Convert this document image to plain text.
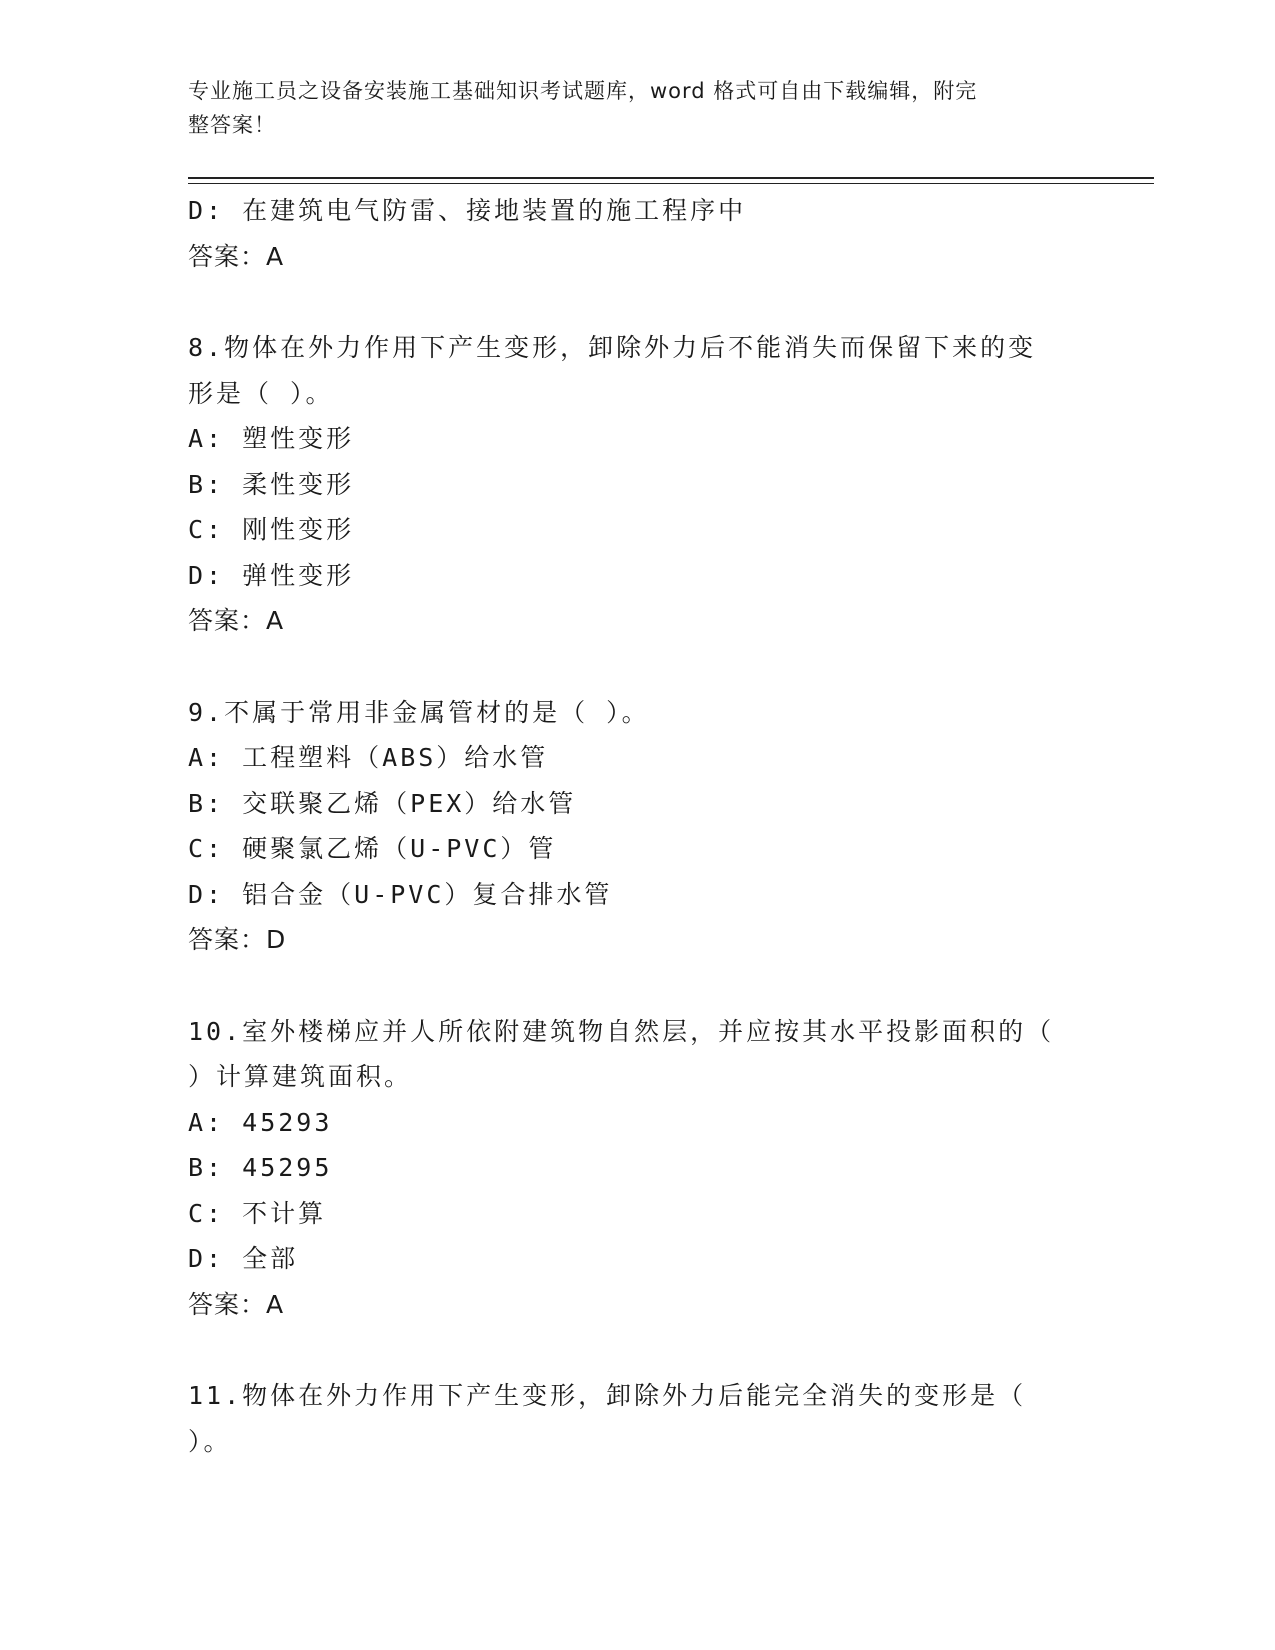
专业施工员之设备安装施工基础知识考试题库，word 格式可自由下载编辑，附完
整答案！
D: 在建筑电气防雷、接地装置的施工程序中
答案：A
8.物体在外力作用下产生变形，卸除外力后不能消失而保留下来的变
形是（ ）。
A: 塑性变形
B: 柔性变形
C: 刚性变形
D: 弹性变形
答案：A
9.不属于常用非金属管材的是（ ）。
A: 工程塑料（ABS）给水管
B: 交联聚乙烯（PEX）给水管
C: 硬聚氯乙烯（U-PVC）管
D: 铝合金（U-PVC）复合排水管
答案：D
10.室外楼梯应并人所依附建筑物自然层，并应按其水平投影面积的（
）计算建筑面积。
A: 45293
B: 45295
C: 不计算
D: 全部
答案：A
11.物体在外力作用下产生变形，卸除外力后能完全消失的变形是（
）。
